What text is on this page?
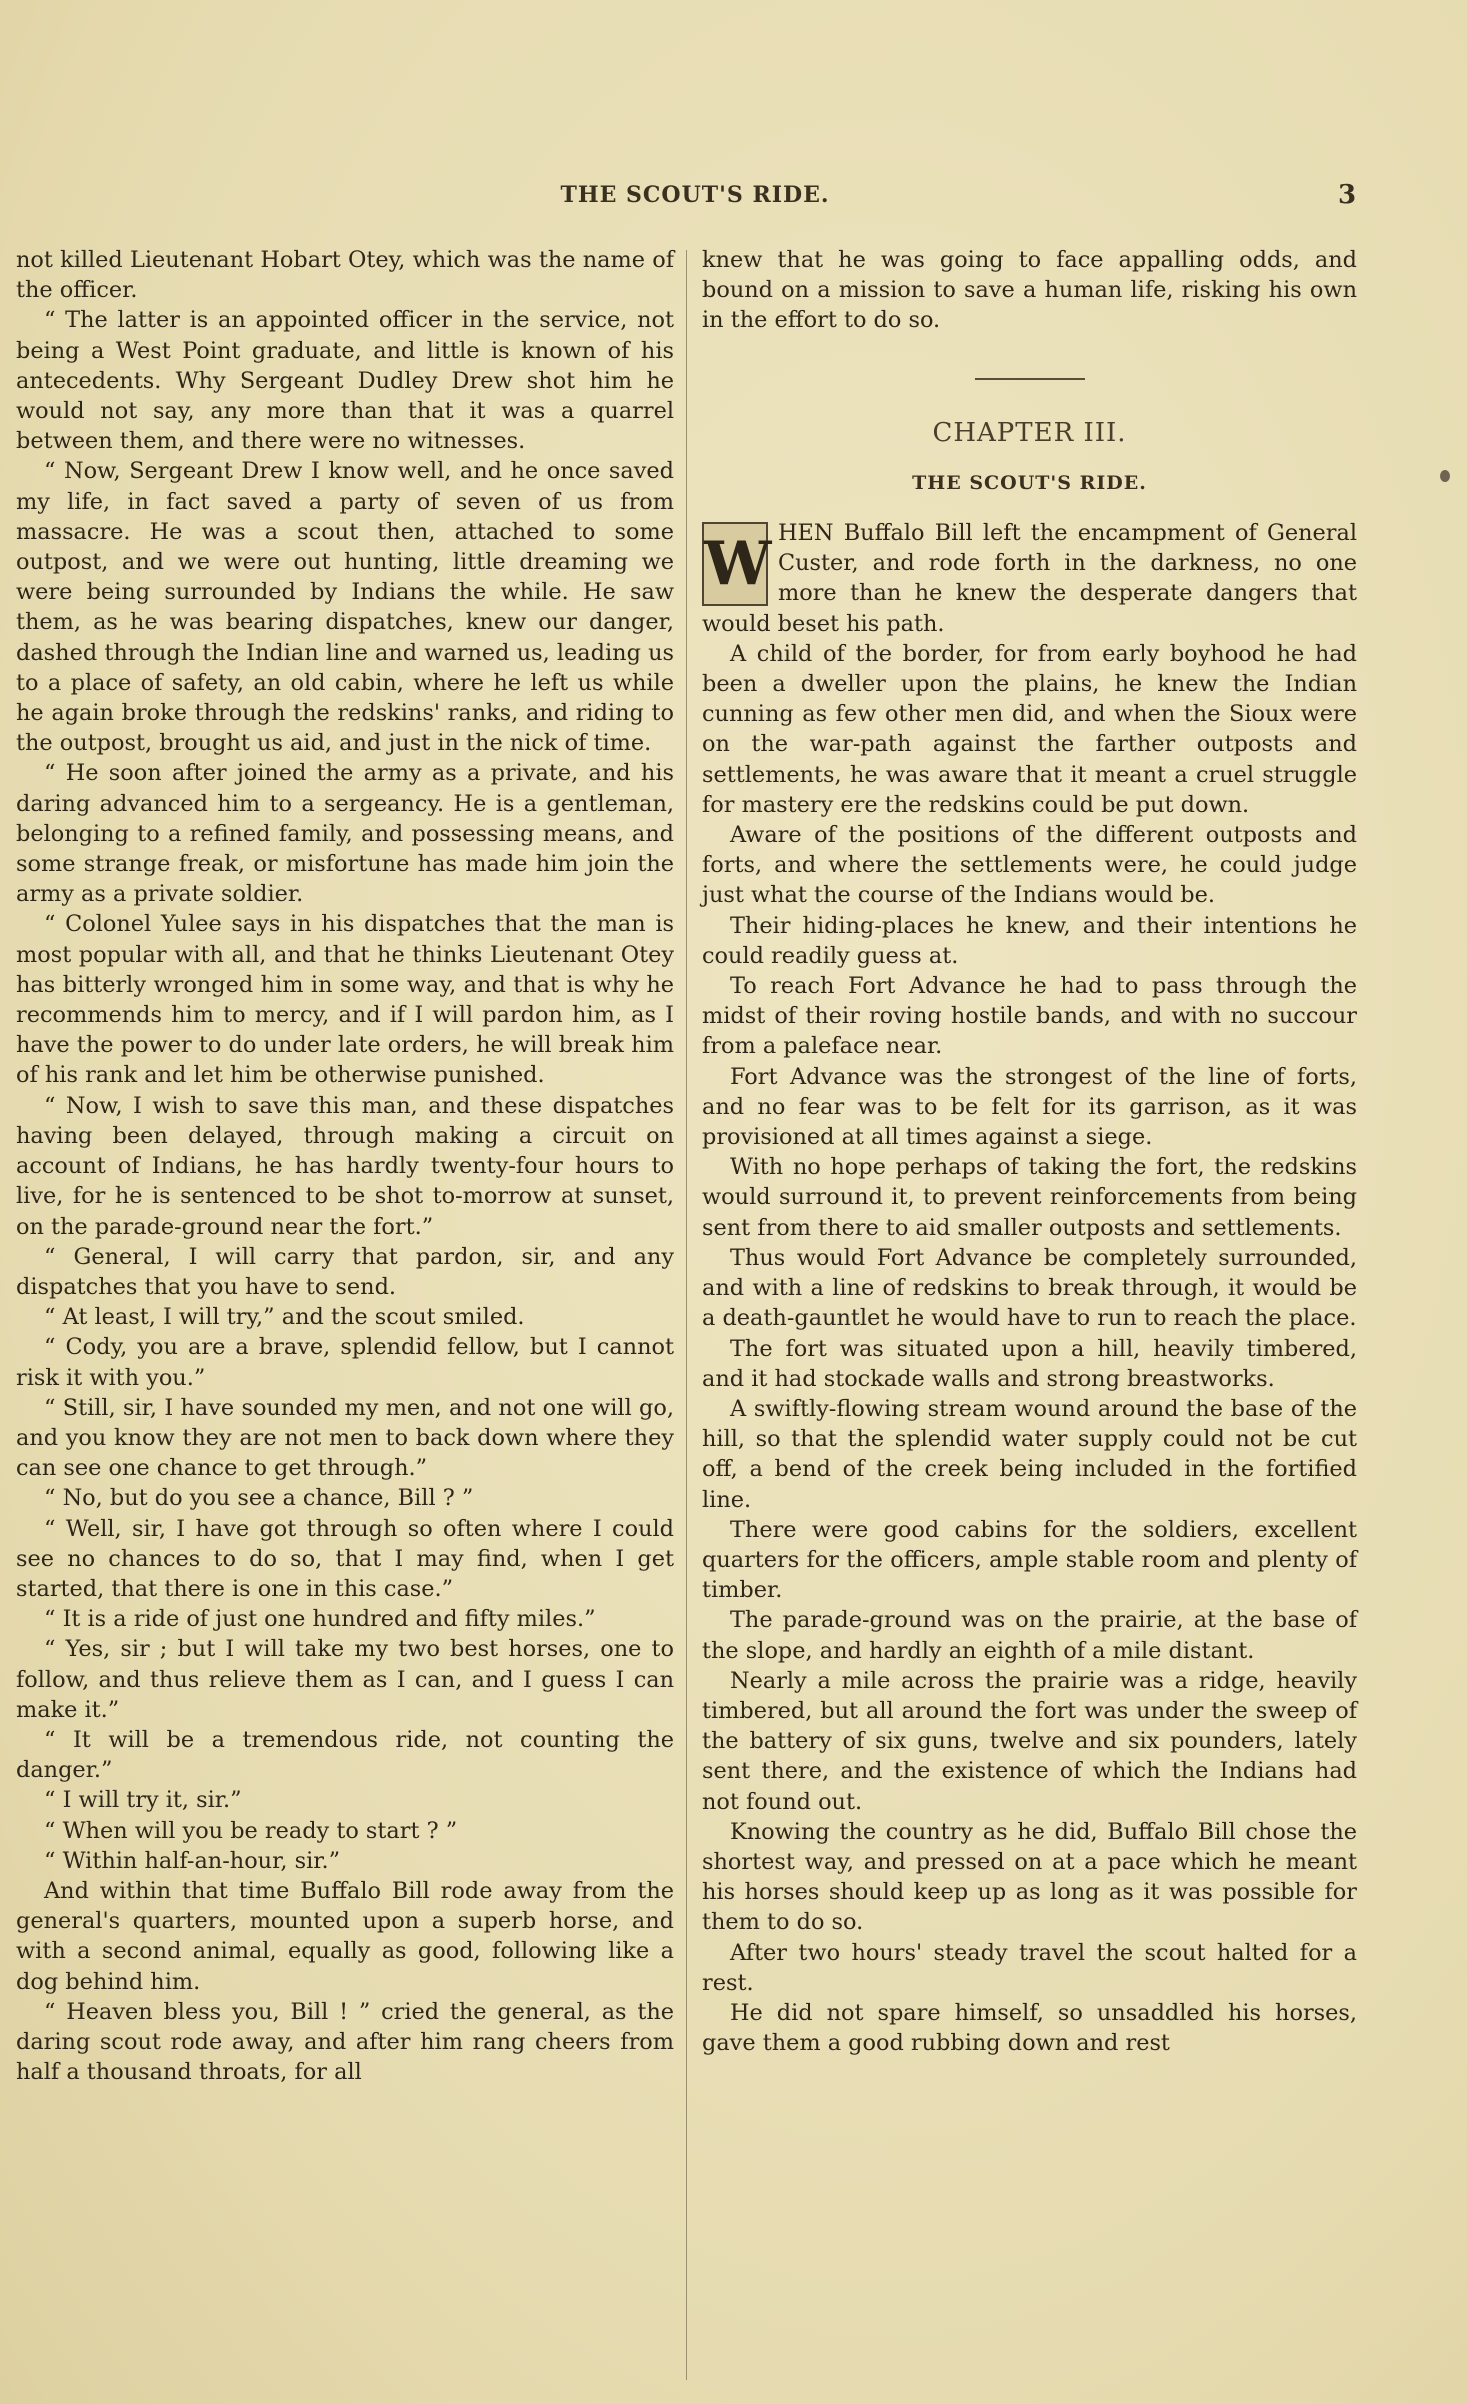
THE SCOUT'S RIDE.	3

not killed Lieutenant Hobart Otey, which was the name of the officer.

“ The latter is an appointed officer in the service, not being a West Point graduate, and little is known of his antecedents. Why Sergeant Dudley Drew shot him he would not say, any more than that it was a quarrel between them, and there were no witnesses.

“ Now, Sergeant Drew I know well, and he once saved my life, in fact saved a party of seven of us from massacre. He was a scout then, attached to some outpost, and we were out hunting, little dreaming we were being surrounded by Indians the while. He saw them, as he was bearing dispatches, knew our danger, dashed through the Indian line and warned us, leading us to a place of safety, an old cabin, where he left us while he again broke through the redskins' ranks, and riding to the outpost, brought us aid, and just in the nick of time.

“ He soon after joined the army as a private, and his daring advanced him to a sergeancy. He is a gentleman, belonging to a refined family, and possessing means, and some strange freak, or misfortune has made him join the army as a private soldier.

“ Colonel Yulee says in his dispatches that the man is most popular with all, and that he thinks Lieutenant Otey has bitterly wronged him in some way, and that is why he recommends him to mercy, and if I will pardon him, as I have the power to do under late orders, he will break him of his rank and let him be otherwise punished.

“ Now, I wish to save this man, and these dispatches having been delayed, through making a circuit on account of Indians, he has hardly twenty-four hours to live, for he is sentenced to be shot to-morrow at sunset, on the parade-ground near the fort.”

“ General, I will carry that pardon, sir, and any dispatches that you have to send.

“ At least, I will try,” and the scout smiled.

“ Cody, you are a brave, splendid fellow, but I cannot risk it with you.”

“ Still, sir, I have sounded my men, and not one will go, and you know they are not men to back down where they can see one chance to get through.”

“ No, but do you see a chance, Bill ? ”

“ Well, sir, I have got through so often where I could see no chances to do so, that I may find, when I get started, that there is one in this case.”

“ It is a ride of just one hundred and fifty miles.”

“ Yes, sir ; but I will take my two best horses, one to follow, and thus relieve them as I can, and I guess I can make it.”

“ It will be a tremendous ride, not counting the danger.”

“ I will try it, sir.”

“ When will you be ready to start ? ”

“ Within half-an-hour, sir.”

And within that time Buffalo Bill rode away from the general's quarters, mounted upon a superb horse, and with a second animal, equally as good, following like a dog behind him.

“ Heaven bless you, Bill ! ” cried the general, as the daring scout rode away, and after him rang cheers from half a thousand throats, for all

knew that he was going to face appalling odds, and bound on a mission to save a human life, risking his own in the effort to do so.

CHAPTER III.
THE SCOUT'S RIDE.

W HEN Buffalo Bill left the encampment of General Custer, and rode forth in the darkness, no one more than he knew the desperate dangers that would beset his path.

A child of the border, for from early boyhood he had been a dweller upon the plains, he knew the Indian cunning as few other men did, and when the Sioux were on the war-path against the farther outposts and settlements, he was aware that it meant a cruel struggle for mastery ere the redskins could be put down.

Aware of the positions of the different outposts and forts, and where the settlements were, he could judge just what the course of the Indians would be.

Their hiding-places he knew, and their intentions he could readily guess at.

To reach Fort Advance he had to pass through the midst of their roving hostile bands, and with no succour from a paleface near.

Fort Advance was the strongest of the line of forts, and no fear was to be felt for its garrison, as it was provisioned at all times against a siege.

With no hope perhaps of taking the fort, the redskins would surround it, to prevent reinforcements from being sent from there to aid smaller outposts and settlements.

Thus would Fort Advance be completely surrounded, and with a line of redskins to break through, it would be a death-gauntlet he would have to run to reach the place.

The fort was situated upon a hill, heavily timbered, and it had stockade walls and strong breastworks.

A swiftly-flowing stream wound around the base of the hill, so that the splendid water supply could not be cut off, a bend of the creek being included in the fortified line.

There were good cabins for the soldiers, excellent quarters for the officers, ample stable room and plenty of timber.

The parade-ground was on the prairie, at the base of the slope, and hardly an eighth of a mile distant.

Nearly a mile across the prairie was a ridge, heavily timbered, but all around the fort was under the sweep of the battery of six guns, twelve and six pounders, lately sent there, and the existence of which the Indians had not found out.

Knowing the country as he did, Buffalo Bill chose the shortest way, and pressed on at a pace which he meant his horses should keep up as long as it was possible for them to do so.

After two hours' steady travel the scout halted for a rest.

He did not spare himself, so unsaddled his horses, gave them a good rubbing down and rest
